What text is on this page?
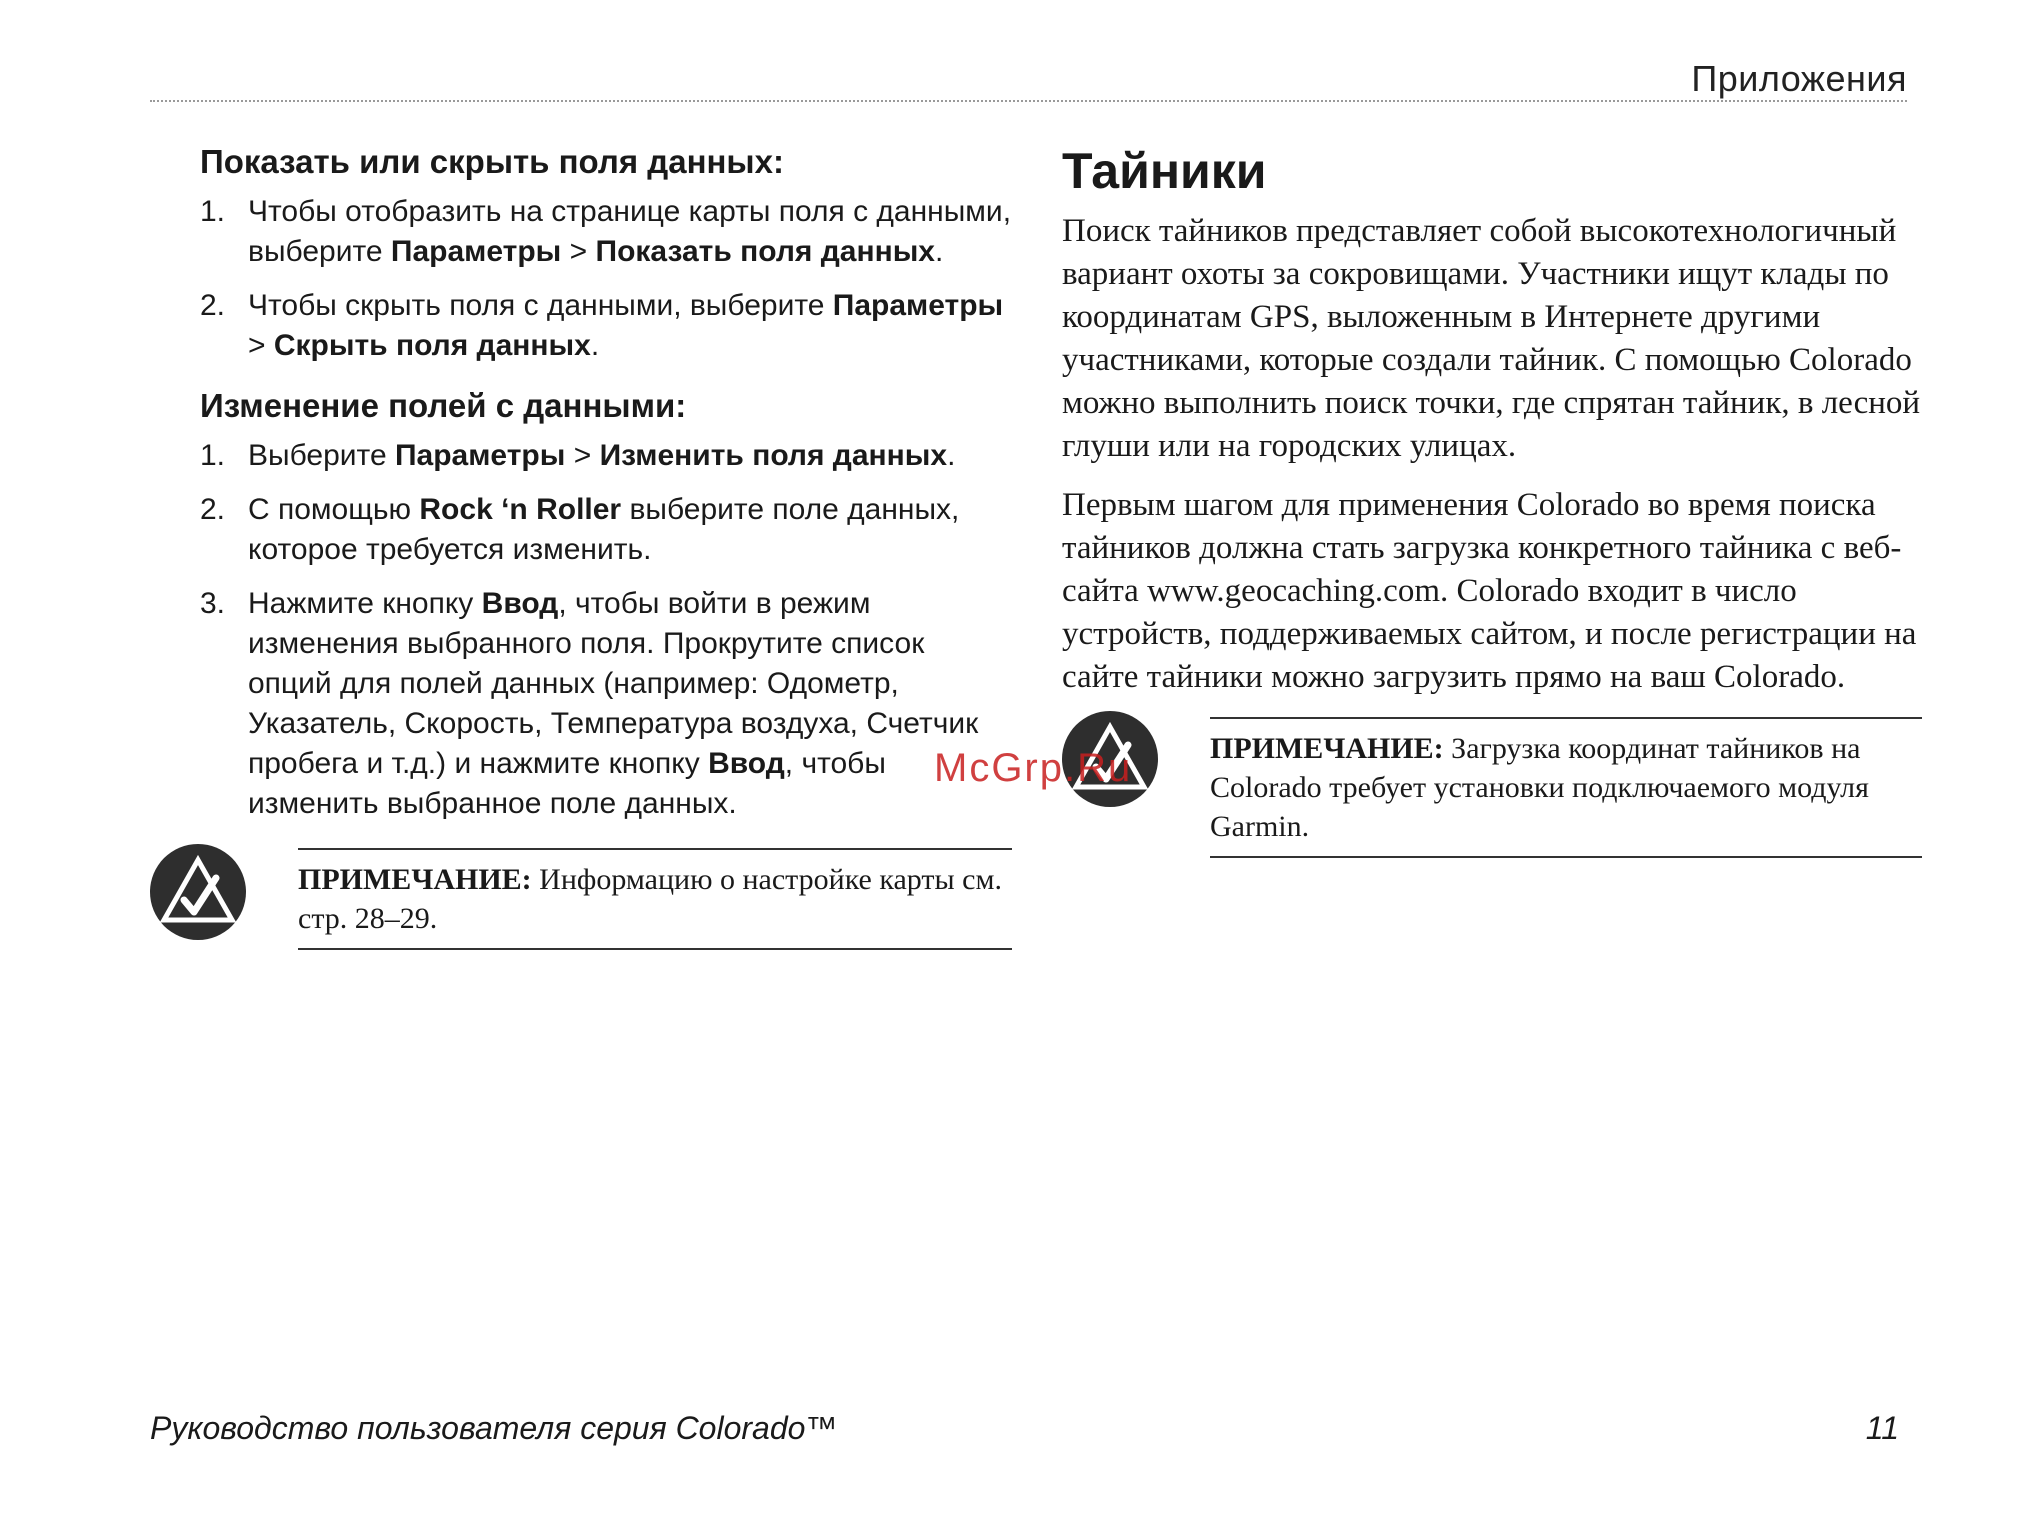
Приложения
Показать или скрыть поля данных:
1. Чтобы отобразить на странице карты поля с данными, выберите Параметры > Показать поля данных.
2. Чтобы скрыть поля с данными, выберите Параметры > Скрыть поля данных.
Изменение полей с данными:
1. Выберите Параметры > Изменить поля данных.
2. С помощью Rock ‘n Roller выберите поле данных, которое требуется изменить.
3. Нажмите кнопку Ввод, чтобы войти в режим изменения выбранного поля. Прокрутите список опций для полей данных (например: Одометр, Указатель, Скорость, Температура воздуха, Счетчик пробега и т.д.) и нажмите кнопку Ввод, чтобы изменить выбранное поле данных.
ПРИМЕЧАНИЕ: Информацию о настройке карты см. стр. 28–29.
Тайники

Поиск тайников представляет собой высокотехнологичный вариант охоты за сокровищами. Участники ищут клады по координатам GPS, выложенным в Интернете другими участниками, которые создали тайник. С помощью Colorado можно выполнить поиск точки, где спрятан тайник, в лесной глуши или на городских улицах.

Первым шагом для применения Colorado во время поиска тайников должна стать загрузка конкретного тайника с веб-сайта www.geocaching.com. Colorado входит в число устройств, поддерживаемых сайтом, и после регистрации на сайте тайники можно загрузить прямо на ваш Colorado.

ПРИМЕЧАНИЕ: Загрузка координат тайников на Colorado требует установки подключаемого модуля Garmin.
McGrp.Ru
Руководство пользователя серия Colorado™	11
